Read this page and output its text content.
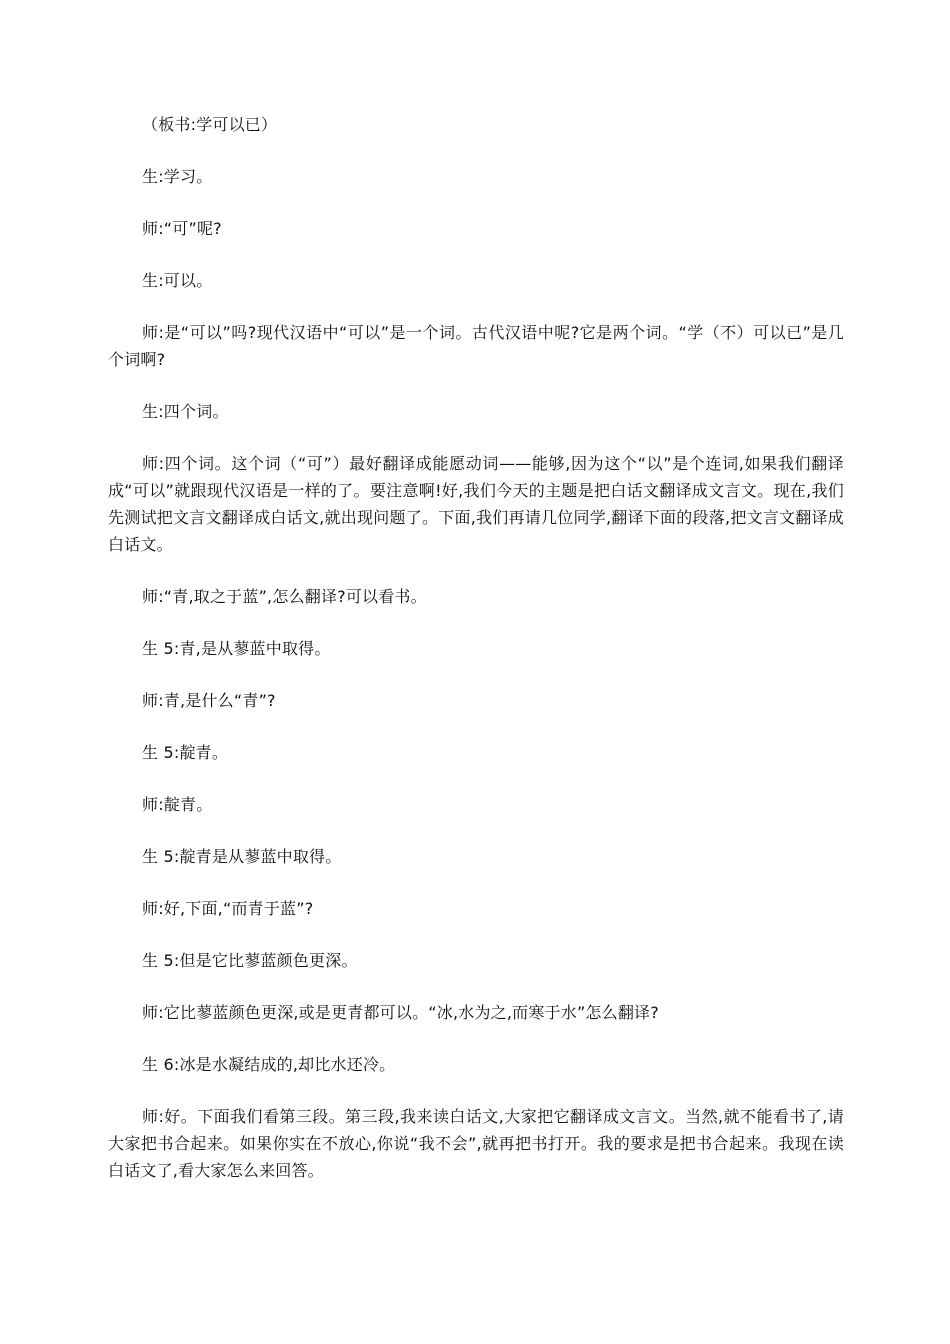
（板书:学可以已）

生:学习。

师:“可”呢?

生:可以。

师:是“可以”吗?现代汉语中“可以”是一个词。古代汉语中呢?它是两个词。“学（不）可以已”是几个词啊?

生:四个词。

师:四个词。这个词（“可”）最好翻译成能愿动词——能够,因为这个“以”是个连词,如果我们翻译成“可以”就跟现代汉语是一样的了。要注意啊!好,我们今天的主题是把白话文翻译成文言文。现在,我们先测试把文言文翻译成白话文,就出现问题了。下面,我们再请几位同学,翻译下面的段落,把文言文翻译成白话文。

师:“青,取之于蓝”,怎么翻译?可以看书。

生 5:青,是从蓼蓝中取得。

师:青,是什么“青”?

生 5:靛青。

师:靛青。

生 5:靛青是从蓼蓝中取得。

师:好,下面,“而青于蓝”?

生 5:但是它比蓼蓝颜色更深。

师:它比蓼蓝颜色更深,或是更青都可以。“冰,水为之,而寒于水”怎么翻译?

生 6:冰是水凝结成的,却比水还冷。

师:好。下面我们看第三段。第三段,我来读白话文,大家把它翻译成文言文。当然,就不能看书了,请大家把书合起来。如果你实在不放心,你说“我不会”,就再把书打开。我的要求是把书合起来。我现在读白话文了,看大家怎么来回答。
